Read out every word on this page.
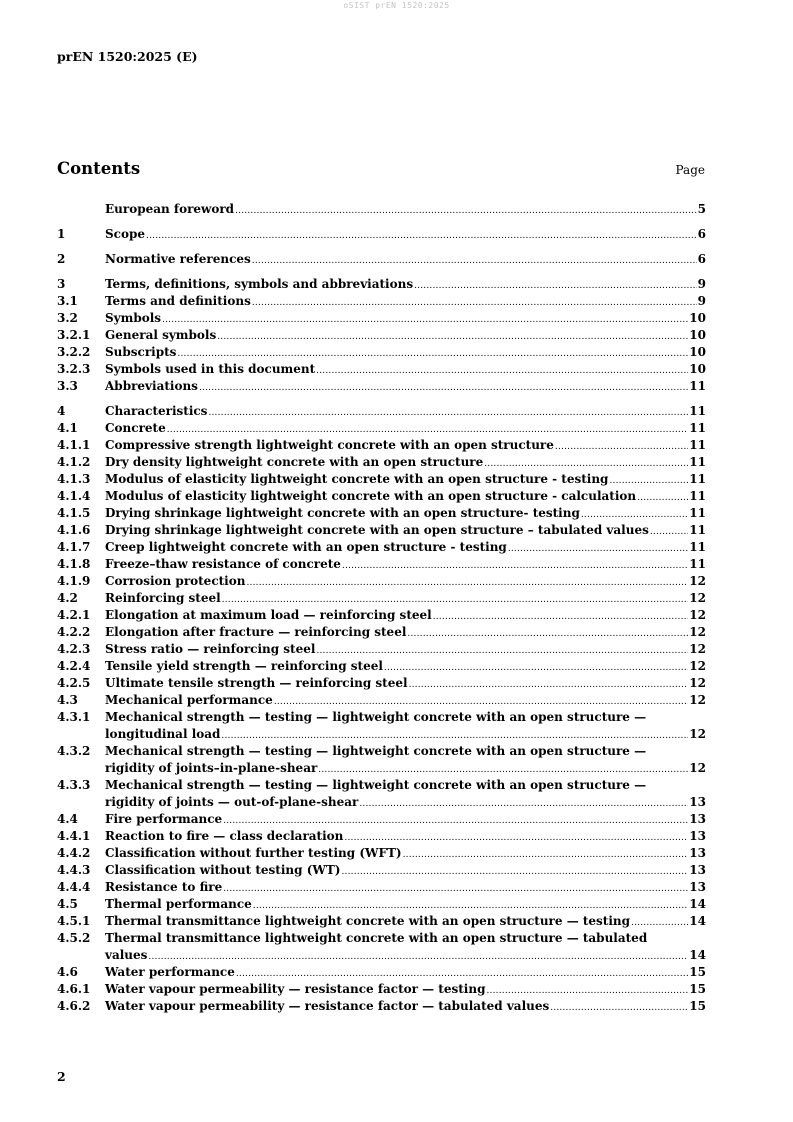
oSIST prEN 1520:2025
prEN 1520:2025 (E)
Contents	Page
European foreword .....	5
1	Scope .....	6
2	Normative references .....	6
3	Terms, definitions, symbols and abbreviations .....	9
3.1	Terms and definitions .....	9
3.2	Symbols .....	10
3.2.1	General symbols .....	10
3.2.2	Subscripts .....	10
3.2.3	Symbols used in this document .....	10
3.3	Abbreviations .....	11
4	Characteristics .....	11
4.1	Concrete .....	11
4.1.1	Compressive strength lightweight concrete with an open structure .....	11
4.1.2	Dry density lightweight concrete with an open structure .....	11
4.1.3	Modulus of elasticity lightweight concrete with an open structure - testing .....	11
4.1.4	Modulus of elasticity lightweight concrete with an open structure - calculation .....	11
4.1.5	Drying shrinkage lightweight concrete with an open structure- testing .....	11
4.1.6	Drying shrinkage lightweight concrete with an open structure – tabulated values .....	11
4.1.7	Creep lightweight concrete with an open structure - testing .....	11
4.1.8	Freeze–thaw resistance of concrete .....	11
4.1.9	Corrosion protection .....	12
4.2	Reinforcing steel .....	12
4.2.1	Elongation at maximum load — reinforcing steel .....	12
4.2.2	Elongation after fracture — reinforcing steel .....	12
4.2.3	Stress ratio — reinforcing steel .....	12
4.2.4	Tensile yield strength — reinforcing steel .....	12
4.2.5	Ultimate tensile strength — reinforcing steel .....	12
4.3	Mechanical performance .....	12
4.3.1	Mechanical strength — testing — lightweight concrete with an open structure —
longitudinal load .....	12
4.3.2	Mechanical strength — testing — lightweight concrete with an open structure —
rigidity of joints–in-plane-shear .....	12
4.3.3	Mechanical strength — testing — lightweight concrete with an open structure —
rigidity of joints — out-of-plane-shear .....	13
4.4	Fire performance .....	13
4.4.1	Reaction to fire — class declaration .....	13
4.4.2	Classification without further testing (WFT) .....	13
4.4.3	Classification without testing (WT) .....	13
4.4.4	Resistance to fire .....	13
4.5	Thermal performance .....	14
4.5.1	Thermal transmittance lightweight concrete with an open structure — testing .....	14
4.5.2	Thermal transmittance lightweight concrete with an open structure — tabulated
values .....	14
4.6	Water performance .....	15
4.6.1	Water vapour permeability — resistance factor — testing .....	15
4.6.2	Water vapour permeability — resistance factor — tabulated values .....	15
2
